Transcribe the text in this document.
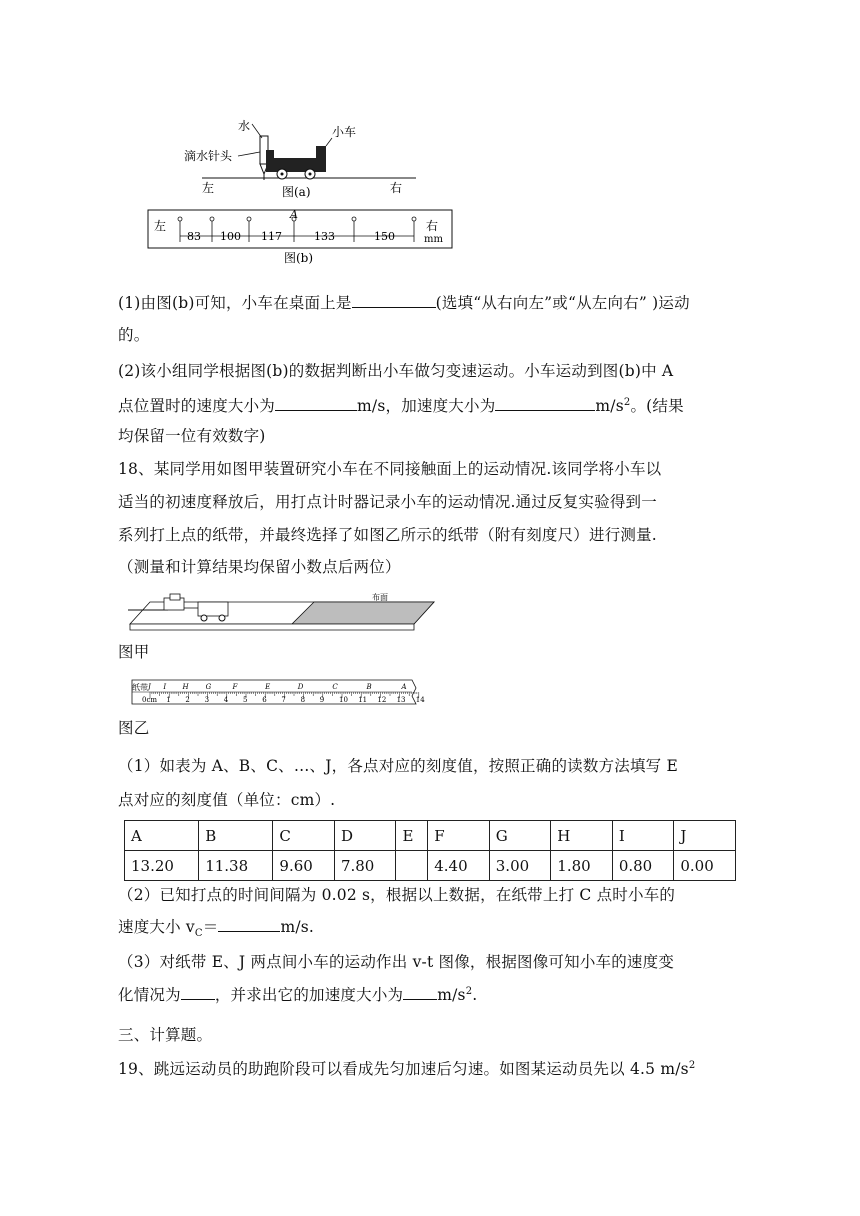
水
滴水针头
小车
左	右
图(a)
左	右
mm
A
83 100 117	133	150
图(b)

(1)由图(b)可知，小车在桌面上是	(选填“从右向左”或“从左向右” )运动

的。

(2)该小组同学根据图(b)的数据判断出小车做匀变速运动。小车运动到图(b)中 A

点位置时的速度大小为	m/s，加速度大小为	$m/s^2$。(结果

均保留一位有效数字)

18、某同学用如图甲装置研究小车在不同接触面上的运动情况.该同学将小车以

适当的初速度释放后，用打点计时器记录小车的运动情况.通过反复实验得到一

系列打上点的纸带，并最终选择了如图乙所示的纸带（附有刻度尺）进行测量.

（测量和计算结果均保留小数点后两位）

布面

图甲

J I H G	F	E	D	C	B	A
1 2 3 4 5 6 7 8 9 10 11 12 13 14
纸带
0cm

图乙

（1）如表为 A、B、C、…、J，各点对应的刻度值，按照正确的读数方法填写 E

点对应的刻度值（单位：cm）.

A	B	C	D	E	F	G	H	I	J
13.20	11.38	9.60	7.80		4.40	3.00	1.80	0.80	0.00

（2）已知打点的时间间隔为 0.02 s，根据以上数据，在纸带上打 C 点时小车的

速度大小 $v_C=$	m/s.

（3）对纸带 E、J 两点间小车的运动作出 v-t 图像，根据图像可知小车的速度变

化情况为 ，并求出它的加速度大小为 $m/s^2$.

三、计算题。

19、跳远运动员的助跑阶段可以看成先匀加速后匀速。如图某运动员先以 4.5 $m/s^2$
